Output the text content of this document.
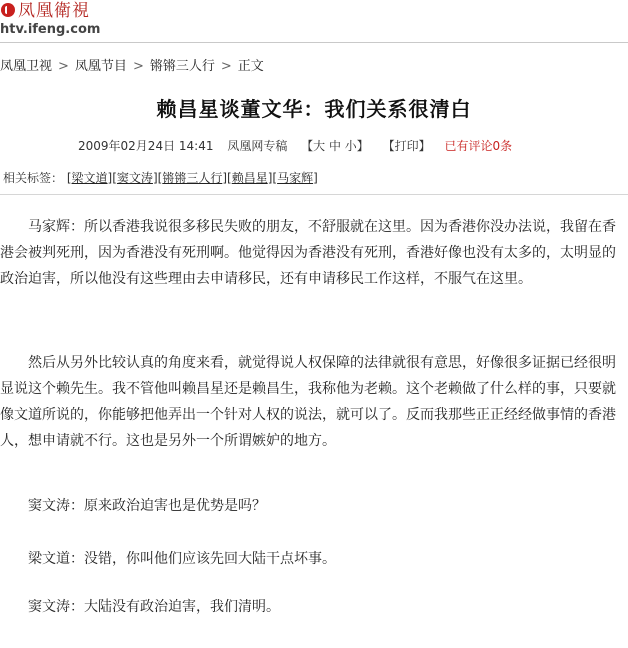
凤凰衛視
htv.ifeng.com
凤凰卫视 > 凤凰节目 > 锵锵三人行 > 正文
赖昌星谈董文华：我们关系很清白
2009年02月24日 14:41 凤凰网专稿 【大 中 小】 【打印】 已有评论0条
相关标签： [梁文道][窦文涛][锵锵三人行][赖昌星][马家辉]

马家辉：所以香港我说很多移民失败的朋友，不舒服就在这里。因为香港你没办法说，我留在香港会被判死刑，因为香港没有死刑啊。他觉得因为香港没有死刑，香港好像也没有太多的，太明显的政治迫害，所以他没有这些理由去申请移民，还有申请移民工作这样，不服气在这里。

然后从另外比较认真的角度来看，就觉得说人权保障的法律就很有意思，好像很多证据已经很明显说这个赖先生。我不管他叫赖昌星还是赖昌生，我称他为老赖。这个老赖做了什么样的事，只要就像文道所说的，你能够把他弄出一个针对人权的说法，就可以了。反而我那些正正经经做事情的香港人，想申请就不行。这也是另外一个所谓嫉妒的地方。

窦文涛：原来政治迫害也是优势是吗？
梁文道：没错，你叫他们应该先回大陆干点坏事。
窦文涛：大陆没有政治迫害，我们清明。
